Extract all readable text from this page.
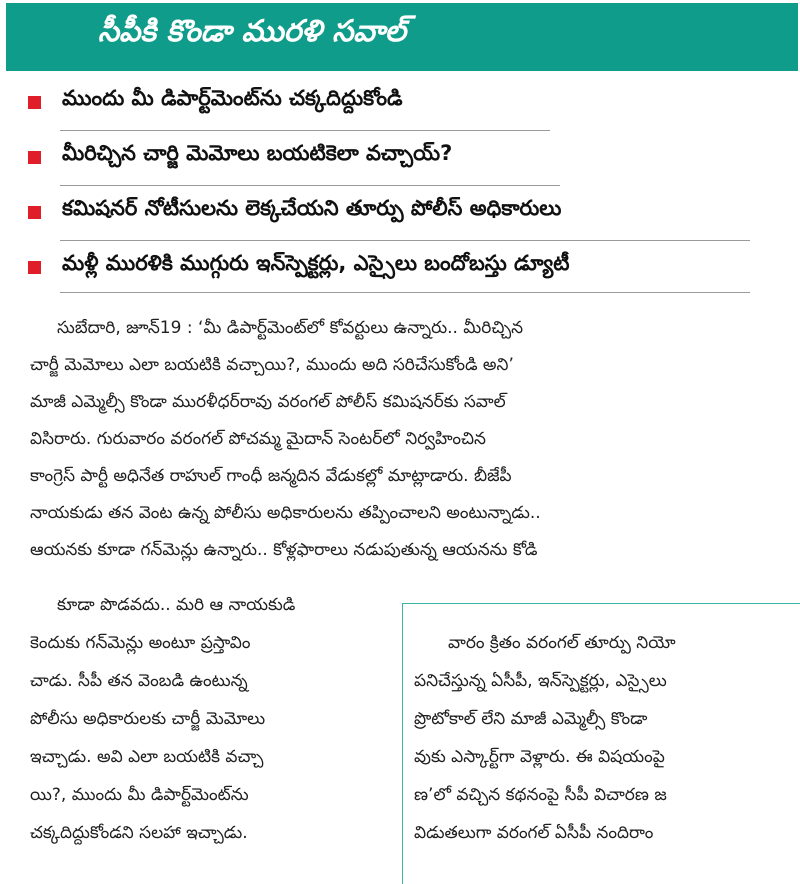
సీపీకి కొండా మురళి సవాల్
ముందు మీ డిపార్ట్‌మెంట్‌ను చక్కదిద్దుకోండి
మీరిచ్చిన చార్జి మెమోలు బయటికెలా వచ్చాయ్?
కమిషనర్ నోటీసులను లెక్కచేయని తూర్పు పోలీస్ అధికారులు
మళ్లీ మురళికి ముగ్గురు ఇన్‌స్పెక్టర్లు, ఎస్సైలు బందోబస్తు డ్యూటీ
సుబేదారి, జూన్19 : ‘మీ డిపార్ట్‌మెంట్‌లో కోవర్టులు ఉన్నారు.. మీరిచ్చిన
చార్జీ మెమోలు ఎలా బయటికి వచ్చాయి?, ముందు అది సరిచేసుకోండి అని’
మాజీ ఎమ్మెల్సీ కొండా మురళీధర్‌రావు వరంగల్ పోలీస్ కమిషనర్‌కు సవాల్
విసిరారు. గురువారం వరంగల్ పోచమ్మ మైదాన్ సెంటర్‌లో నిర్వహించిన
కాంగ్రెస్ పార్టీ అధినేత రాహుల్ గాంధీ జన్మదిన వేడుకల్లో మాట్లాడారు. బీజేపీ
నాయకుడు తన వెంట ఉన్న పోలీసు అధికారులను తప్పించాలని అంటున్నాడు..
ఆయనకు కూడా గన్‌మెన్లు ఉన్నారు.. కోళ్లఫారాలు నడుపుతున్న ఆయనను కోడి
కూడా పొడవదు.. మరి ఆ నాయకుడి
కెందుకు గన్‌మెన్లు అంటూ ప్రస్తావిం
చాడు. సీపీ తన వెంబడి ఉంటున్న
పోలీసు అధికారులకు చార్జీ మెమోలు
ఇచ్చాడు. అవి ఎలా బయటికి వచ్చా
యి?, ముందు మీ డిపార్ట్‌మెంట్‌ను
చక్కదిద్దుకోండని సలహా ఇచ్చాడు.
వారం క్రితం వరంగల్ తూర్పు నియో
పనిచేస్తున్న ఏసీపీ, ఇన్‌స్పెక్టర్లు, ఎస్సైలు
ప్రొటోకాల్ లేని మాజీ ఎమ్మెల్సీ కొండా
వుకు ఎస్కార్ట్‌గా వెళ్లారు. ఈ విషయంపై
ణ’లో వచ్చిన కథనంపై సీపీ విచారణ జ
విడుతలుగా వరంగల్ ఏసీపీ నందిరాం
